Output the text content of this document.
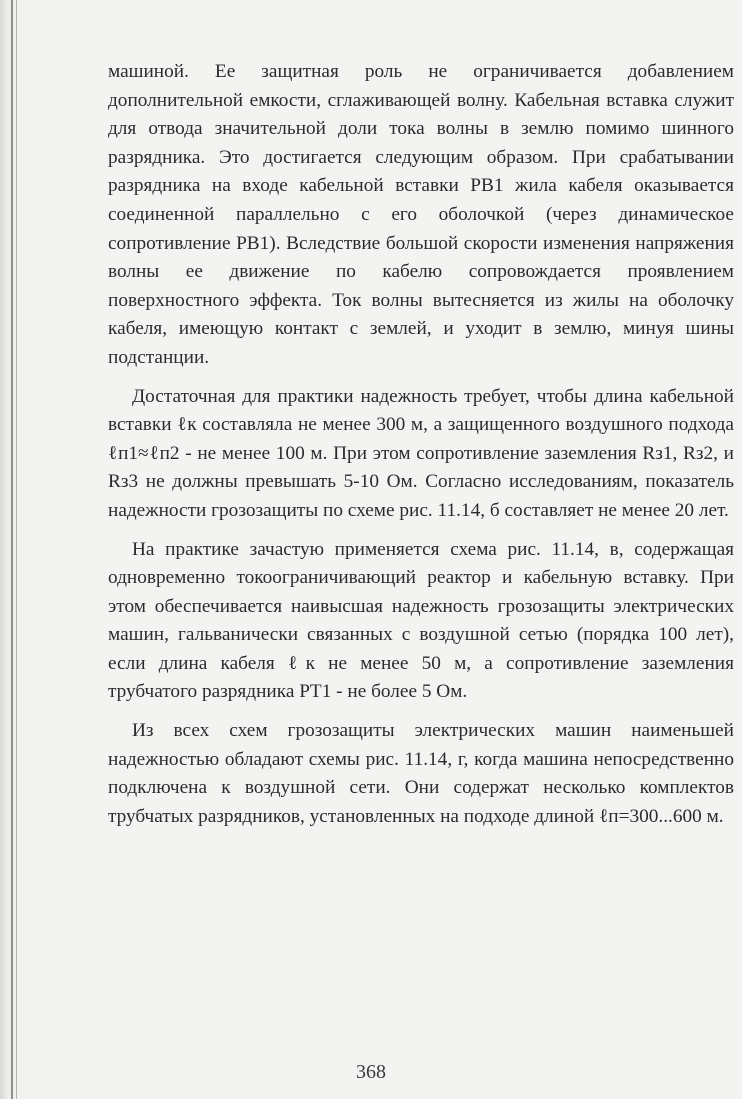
машиной. Ее защитная роль не ограничивается добавлением дополнительной емкости, сглаживающей волну. Кабельная вставка служит для отвода значительной доли тока волны в землю помимо шинного разрядника. Это достигается следующим образом. При срабатывании разрядника на входе кабельной вставки PB1 жила кабеля оказывается соединенной параллельно с его оболочкой (через динамическое сопротивление PB1). Вследствие большой скорости изменения напряжения волны ее движение по кабелю сопровождается проявлением поверхностного эффекта. Ток волны вытесняется из жилы на оболочку кабеля, имеющую контакт с землей, и уходит в землю, минуя шины подстанции.

Достаточная для практики надежность требует, чтобы длина кабельной вставки ℓк составляла не менее 300 м, а защищенного воздушного подхода ℓп1≈ℓп2 - не менее 100 м. При этом сопротивление заземления Rз1, Rз2, и Rз3 не должны превышать 5-10 Ом. Согласно исследованиям, показатель надежности грозозащиты по схеме рис. 11.14, б составляет не менее 20 лет.

На практике зачастую применяется схема рис. 11.14, в, содержащая одновременно токоограничивающий реактор и кабельную вставку. При этом обеспечивается наивысшая надежность грозозащиты электрических машин, гальванически связанных с воздушной сетью (порядка 100 лет), если длина кабеля ℓк не менее 50 м, а сопротивление заземления трубчатого разрядника PT1 - не более 5 Ом.

Из всех схем грозозащиты электрических машин наименьшей надежностью обладают схемы рис. 11.14, г, когда машина непосредственно подключена к воздушной сети. Они содержат несколько комплектов трубчатых разрядников, установленных на подходе длиной ℓп=300...600 м.

368
